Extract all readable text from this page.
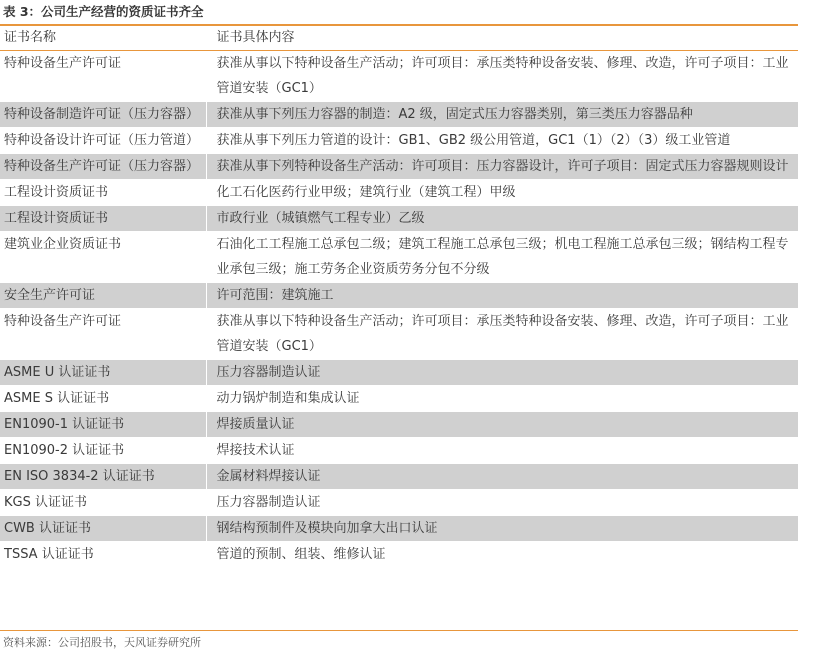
表 3：公司生产经营的资质证书齐全
证书名称	证书具体内容
特种设备生产许可证	获准从事以下特种设备生产活动；许可项目：承压类特种设备安装、修理、改造，许可子项目：工业管道安装（GC1）
特种设备制造许可证（压力容器）	获准从事下列压力容器的制造：A2 级，固定式压力容器类别，第三类压力容器品种
特种设备设计许可证（压力管道）	获准从事下列压力管道的设计：GB1、GB2 级公用管道，GC1（1）（2）（3）级工业管道
特种设备生产许可证（压力容器）	获准从事下列特种设备生产活动：许可项目：压力容器设计，许可子项目：固定式压力容器规则设计
工程设计资质证书	化工石化医药行业甲级；建筑行业（建筑工程）甲级
工程设计资质证书	市政行业（城镇燃气工程专业）乙级
建筑业企业资质证书	石油化工工程施工总承包二级；建筑工程施工总承包三级；机电工程施工总承包三级；钢结构工程专业承包三级；施工劳务企业资质劳务分包不分级
安全生产许可证	许可范围：建筑施工
特种设备生产许可证	获准从事以下特种设备生产活动；许可项目：承压类特种设备安装、修理、改造，许可子项目：工业管道安装（GC1）
ASME U 认证证书	压力容器制造认证
ASME S 认证证书	动力锅炉制造和集成认证
EN1090-1 认证证书	焊接质量认证
EN1090-2 认证证书	焊接技术认证
EN ISO 3834-2 认证证书	金属材料焊接认证
KGS 认证证书	压力容器制造认证
CWB 认证证书	钢结构预制件及模块向加拿大出口认证
TSSA 认证证书	管道的预制、组装、维修认证
资料来源：公司招股书，天风证券研究所
